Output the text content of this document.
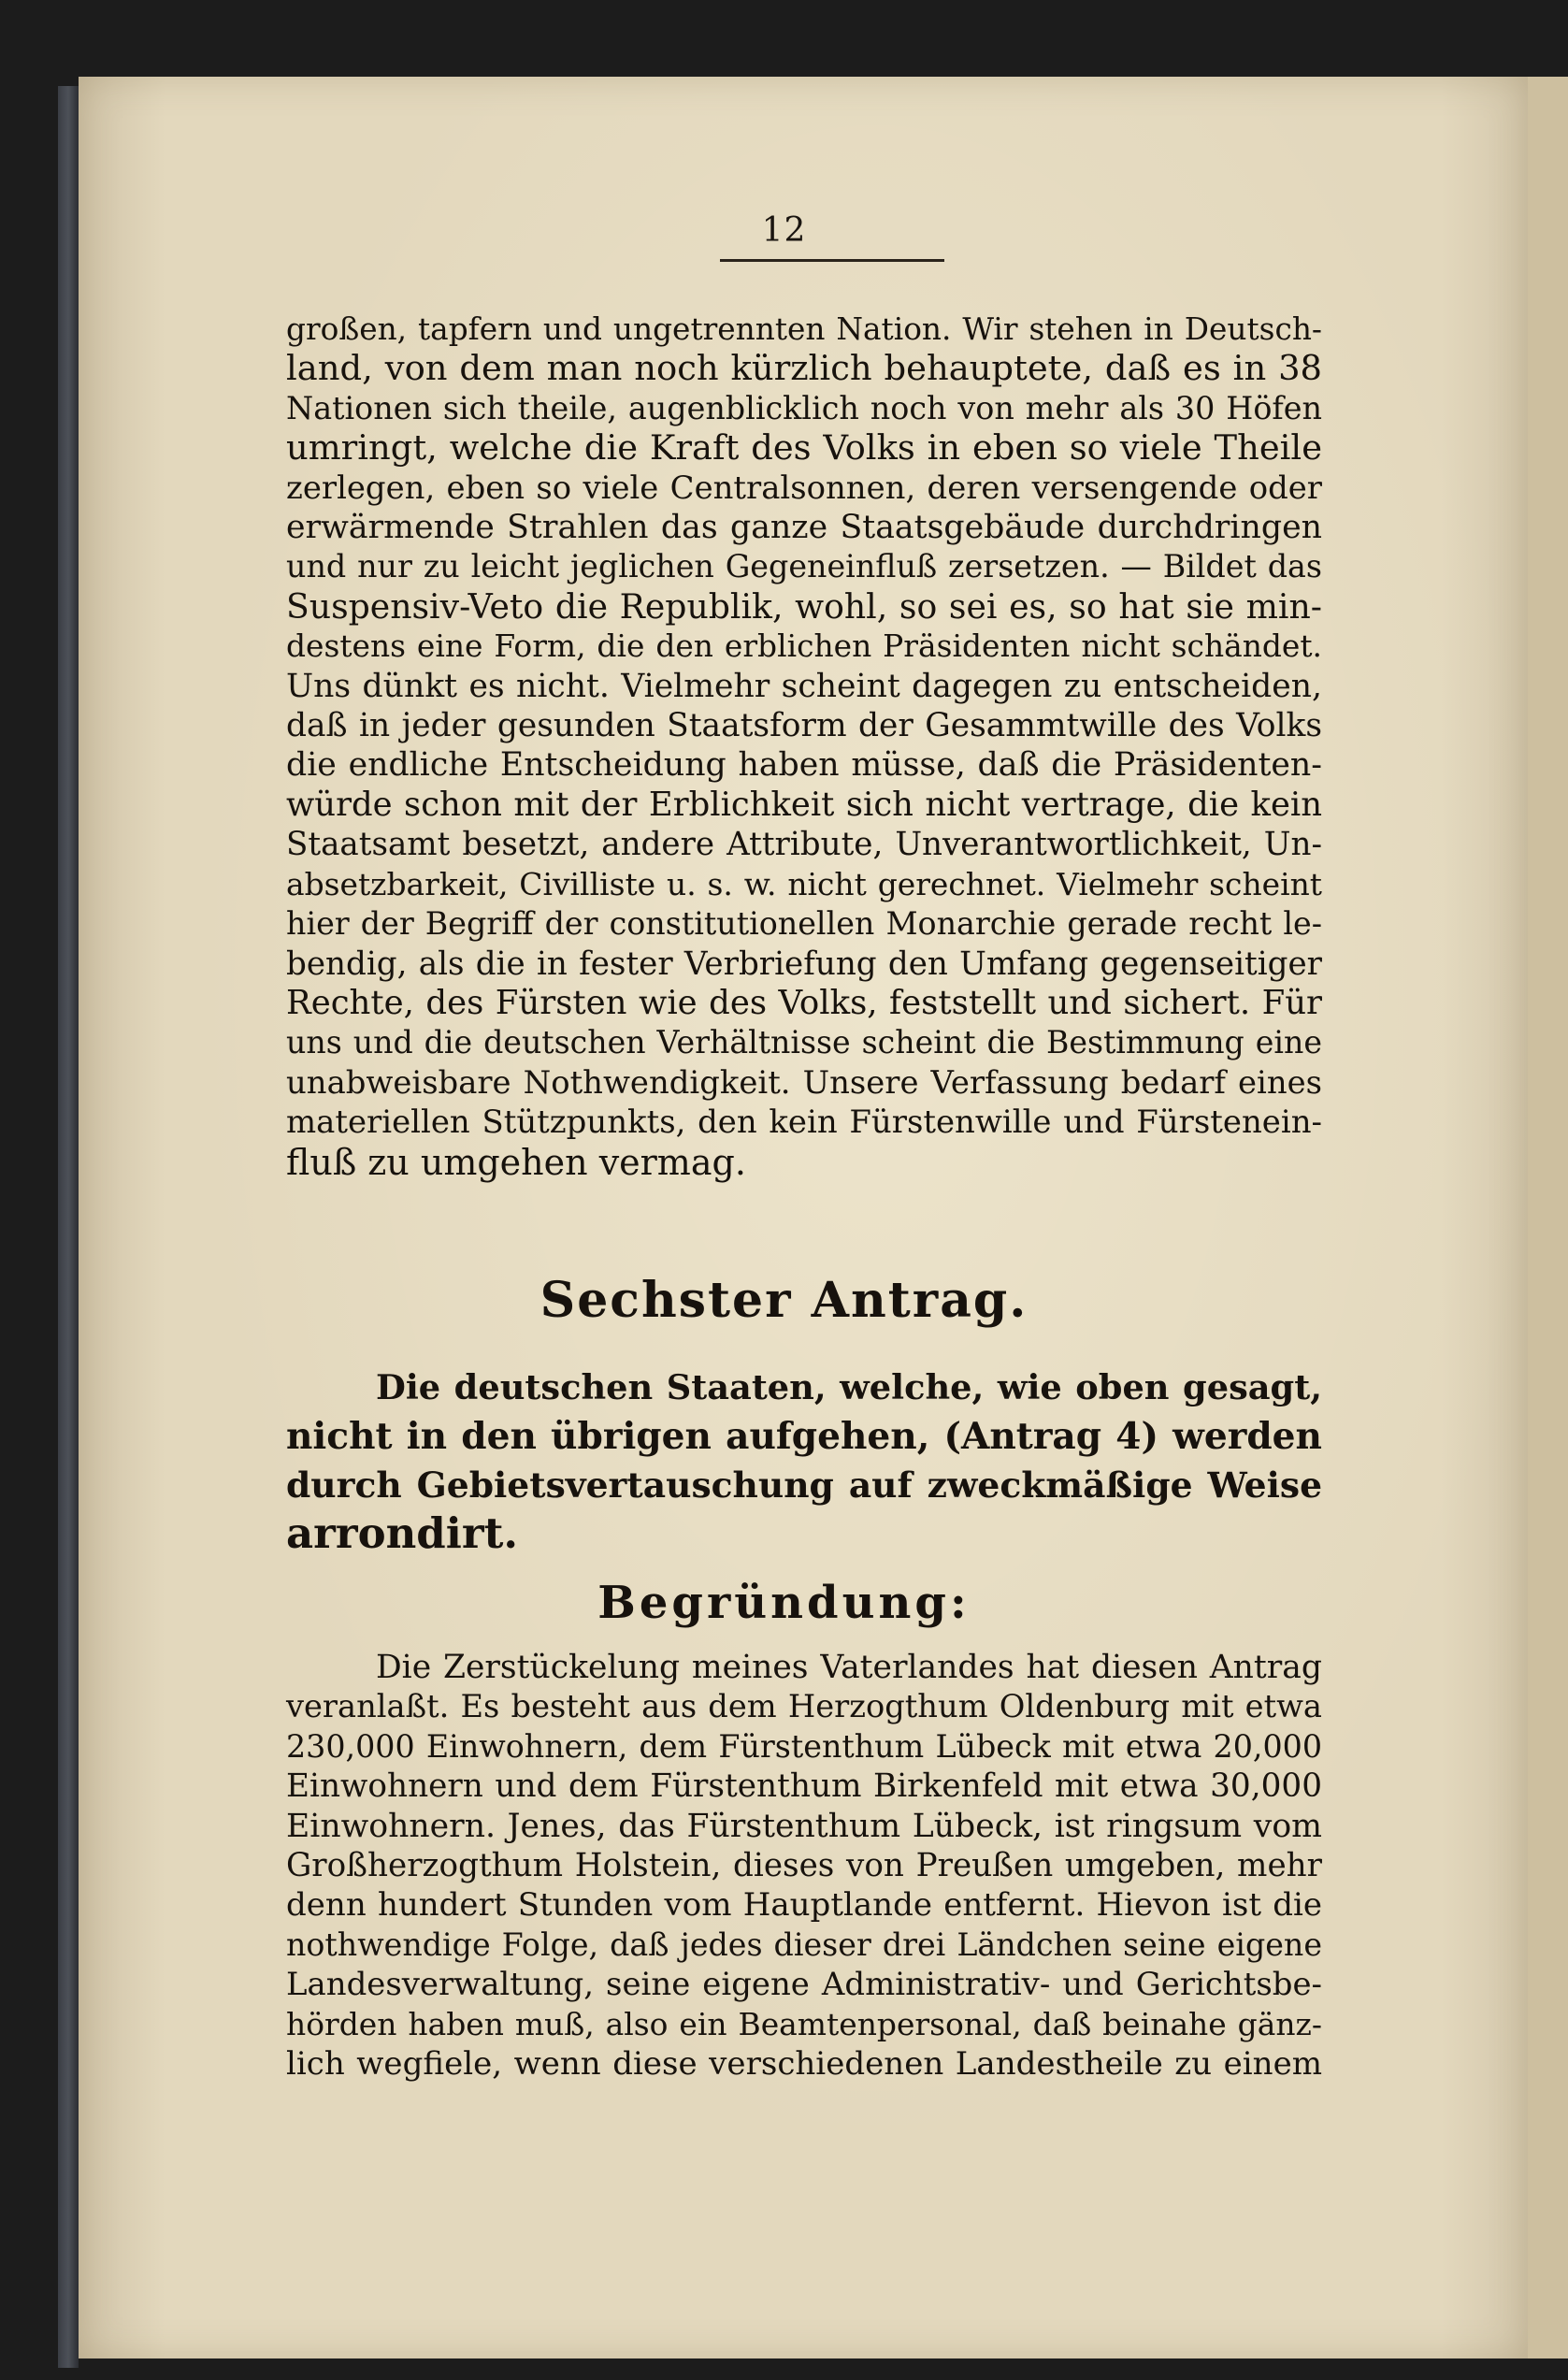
12
großen, tapfern und ungetrennten Nation. Wir stehen in Deutsch-
land, von dem man noch kürzlich behauptete, daß es in 38
Nationen sich theile, augenblicklich noch von mehr als 30 Höfen
umringt, welche die Kraft des Volks in eben so viele Theile
zerlegen, eben so viele Centralsonnen, deren versengende oder
erwärmende Strahlen das ganze Staatsgebäude durchdringen
und nur zu leicht jeglichen Gegeneinfluß zersetzen. — Bildet das
Suspensiv-Veto die Republik, wohl, so sei es, so hat sie min-
destens eine Form, die den erblichen Präsidenten nicht schändet.
Uns dünkt es nicht. Vielmehr scheint dagegen zu entscheiden,
daß in jeder gesunden Staatsform der Gesammtwille des Volks
die endliche Entscheidung haben müsse, daß die Präsidenten-
würde schon mit der Erblichkeit sich nicht vertrage, die kein
Staatsamt besetzt, andere Attribute, Unverantwortlichkeit, Un-
absetzbarkeit, Civilliste u. s. w. nicht gerechnet. Vielmehr scheint
hier der Begriff der constitutionellen Monarchie gerade recht le-
bendig, als die in fester Verbriefung den Umfang gegenseitiger
Rechte, des Fürsten wie des Volks, feststellt und sichert. Für
uns und die deutschen Verhältnisse scheint die Bestimmung eine
unabweisbare Nothwendigkeit. Unsere Verfassung bedarf eines
materiellen Stützpunkts, den kein Fürstenwille und Fürstenein-
fluß zu umgehen vermag.
Sechster Antrag.
Die deutschen Staaten, welche, wie oben gesagt,
nicht in den übrigen aufgehen, (Antrag 4) werden
durch Gebietsvertauschung auf zweckmäßige Weise
arrondirt.
Begründung:
Die Zerstückelung meines Vaterlandes hat diesen Antrag
veranlaßt. Es besteht aus dem Herzogthum Oldenburg mit etwa
230,000 Einwohnern, dem Fürstenthum Lübeck mit etwa 20,000
Einwohnern und dem Fürstenthum Birkenfeld mit etwa 30,000
Einwohnern. Jenes, das Fürstenthum Lübeck, ist ringsum vom
Großherzogthum Holstein, dieses von Preußen umgeben, mehr
denn hundert Stunden vom Hauptlande entfernt. Hievon ist die
nothwendige Folge, daß jedes dieser drei Ländchen seine eigene
Landesverwaltung, seine eigene Administrativ- und Gerichtsbe-
hörden haben muß, also ein Beamtenpersonal, daß beinahe gänz-
lich wegfiele, wenn diese verschiedenen Landestheile zu einem
